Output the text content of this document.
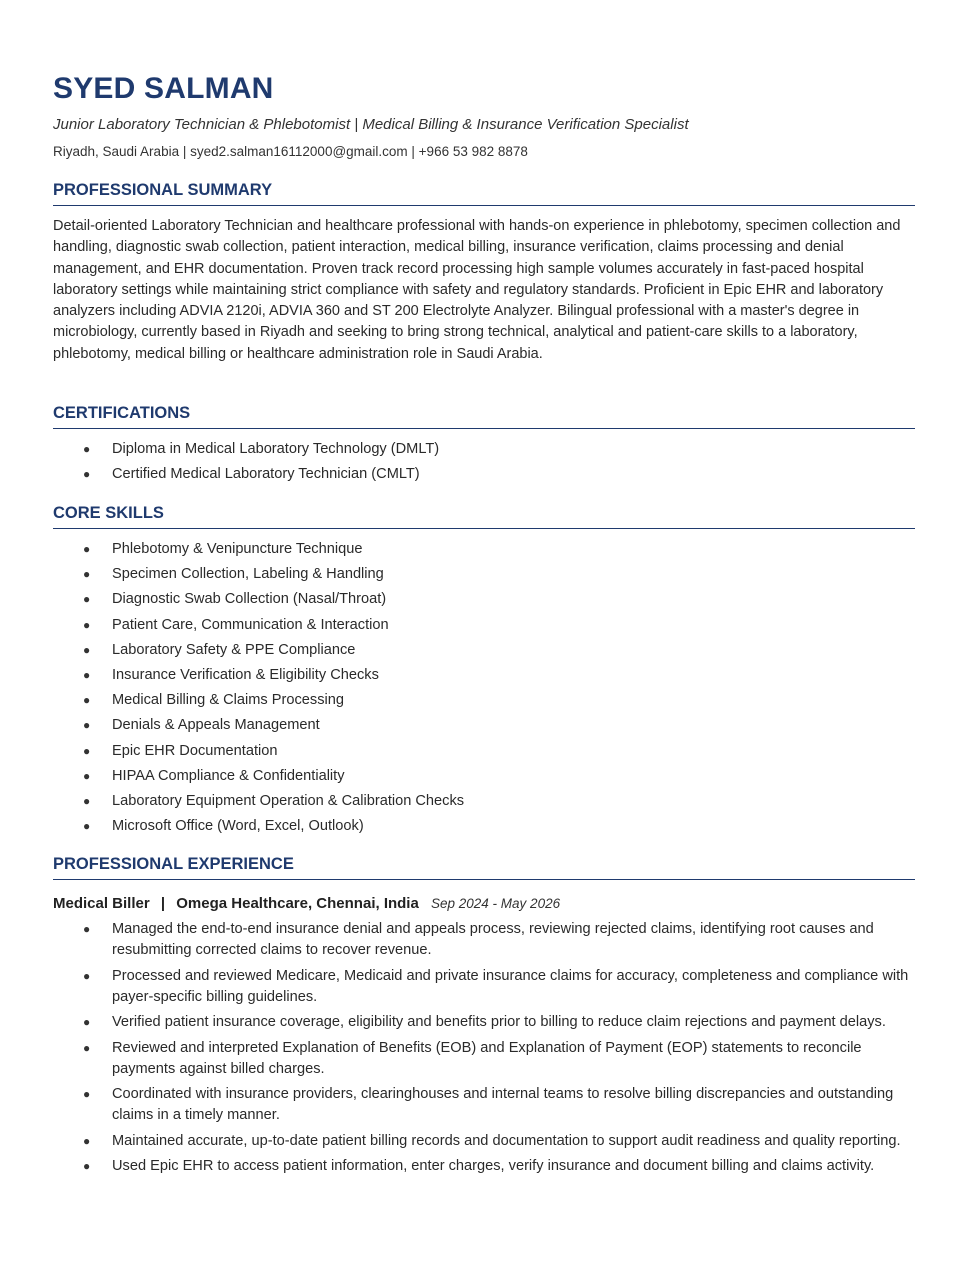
SYED SALMAN
Junior Laboratory Technician & Phlebotomist | Medical Billing & Insurance Verification Specialist
Riyadh, Saudi Arabia | syed2.salman16112000@gmail.com | +966 53 982 8878
PROFESSIONAL SUMMARY
Detail-oriented Laboratory Technician and healthcare professional with hands-on experience in phlebotomy, specimen collection and handling, diagnostic swab collection, patient interaction, medical billing, insurance verification, claims processing and denial management, and EHR documentation. Proven track record processing high sample volumes accurately in fast-paced hospital laboratory settings while maintaining strict compliance with safety and regulatory standards. Proficient in Epic EHR and laboratory analyzers including ADVIA 2120i, ADVIA 360 and ST 200 Electrolyte Analyzer. Bilingual professional with a master's degree in microbiology, currently based in Riyadh and seeking to bring strong technical, analytical and patient-care skills to a laboratory, phlebotomy, medical billing or healthcare administration role in Saudi Arabia.
CERTIFICATIONS
● Diploma in Medical Laboratory Technology (DMLT)
● Certified Medical Laboratory Technician (CMLT)
CORE SKILLS
● Phlebotomy & Venipuncture Technique
● Specimen Collection, Labeling & Handling
● Diagnostic Swab Collection (Nasal/Throat)
● Patient Care, Communication & Interaction
● Laboratory Safety & PPE Compliance
● Insurance Verification & Eligibility Checks
● Medical Billing & Claims Processing
● Denials & Appeals Management
● Epic EHR Documentation
● HIPAA Compliance & Confidentiality
● Laboratory Equipment Operation & Calibration Checks
● Microsoft Office (Word, Excel, Outlook)
PROFESSIONAL EXPERIENCE
Medical Biller | Omega Healthcare, Chennai, India Sep 2024 - May 2026
● Managed the end-to-end insurance denial and appeals process, reviewing rejected claims, identifying root causes and resubmitting corrected claims to recover revenue.
● Processed and reviewed Medicare, Medicaid and private insurance claims for accuracy, completeness and compliance with payer-specific billing guidelines.
● Verified patient insurance coverage, eligibility and benefits prior to billing to reduce claim rejections and payment delays.
● Reviewed and interpreted Explanation of Benefits (EOB) and Explanation of Payment (EOP) statements to reconcile payments against billed charges.
● Coordinated with insurance providers, clearinghouses and internal teams to resolve billing discrepancies and outstanding claims in a timely manner.
● Maintained accurate, up-to-date patient billing records and documentation to support audit readiness and quality reporting.
● Used Epic EHR to access patient information, enter charges, verify insurance and document billing and claims activity.
